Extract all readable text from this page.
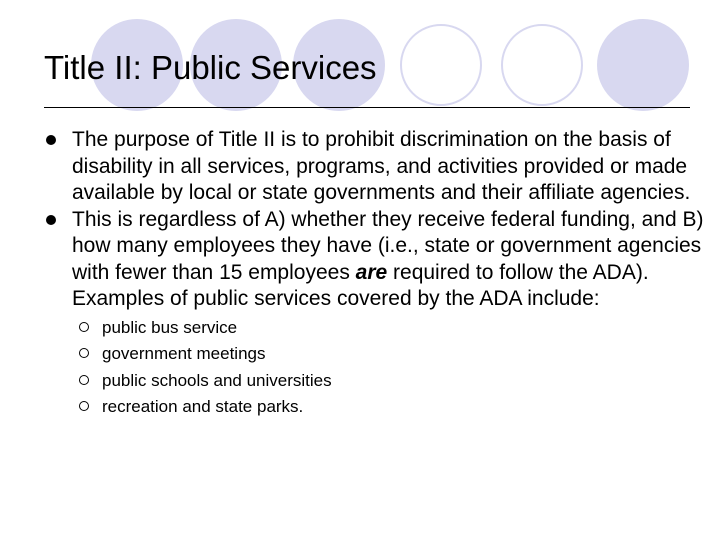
Title II: Public Services
The purpose of Title II is to prohibit discrimination on the basis of disability in all services, programs, and activities provided or made available by local or state governments and their affiliate agencies.
This is regardless of A) whether they receive federal funding, and B) how many employees they have (i.e., state or government agencies with fewer than 15 employees are required to follow the ADA). Examples of public services covered by the ADA include:
public bus service
government meetings
public schools and universities
recreation and state parks.
